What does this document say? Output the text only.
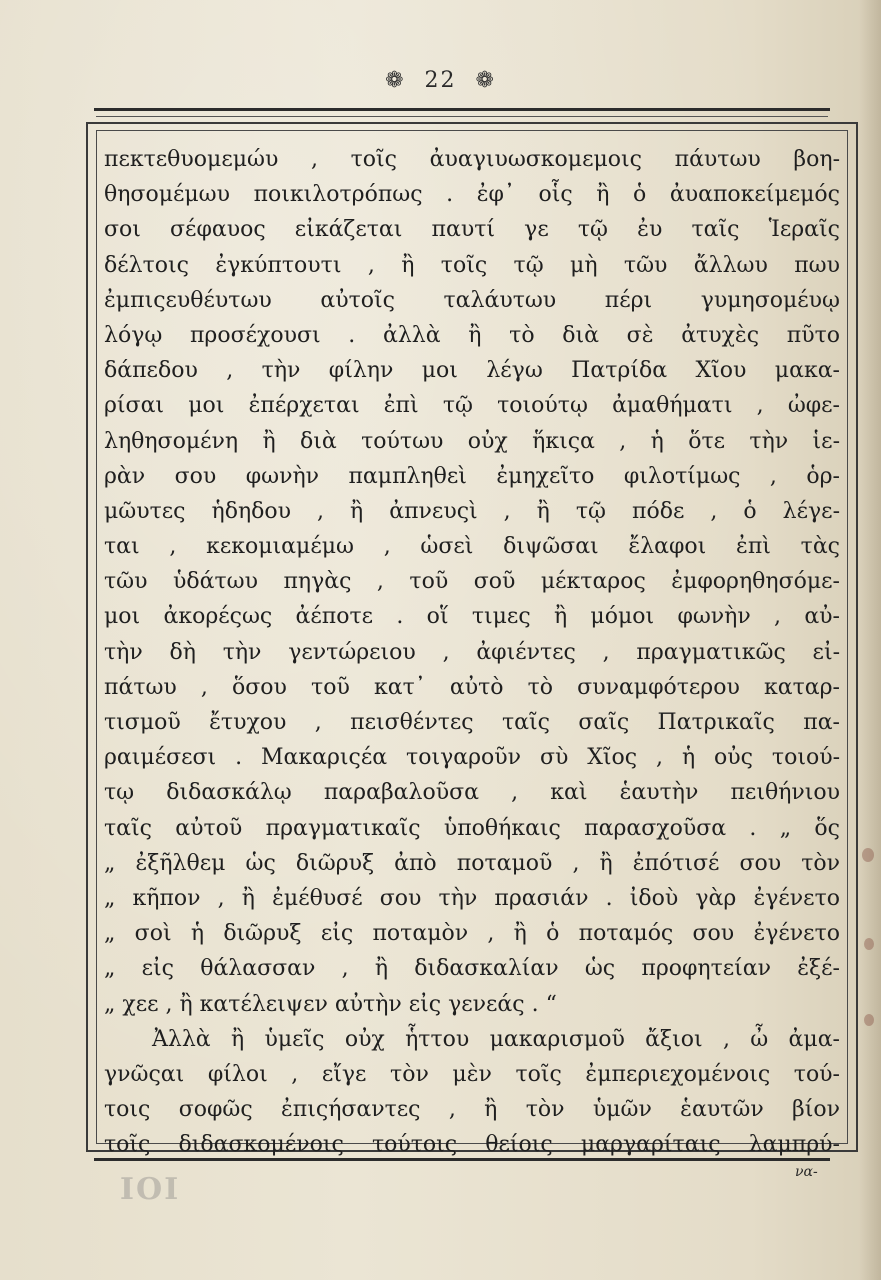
❁ 22 ❁
πεκτεθυομεμώυ , τοῖς ἀυαγιυωσκομεμοις πάυτωυ βοη-
θησομέμωυ ποικιλοτρόπως . ἐφ᾽ οἷς ἢ ὁ ἀυαποκείμεμός
σοι σέφαυος εἰκάζεται παυτί γε τῷ ἐυ ταῖς Ἱεραῖς
δέλτοις ἐγκύπτουτι , ἢ τοῖς τῷ μὴ τῶυ ἄλλωυ πωυ
ἐμπιςευθέυτωυ αὐτοῖς ταλάυτωυ πέρι γυμησομέυῳ
λόγῳ προσέχουσι . ἀλλὰ ἢ τὸ διὰ σὲ ἀτυχὲς πῦτο
δάπεδου , τὴν φίλην μοι λέγω Πατρίδα Χῖου μακα-
ρίσαι μοι ἐπέρχεται ἐπὶ τῷ τοιούτῳ ἀμαθήματι , ὠφε-
ληθησομένη ἢ διὰ τούτωυ οὐχ ἥκιςα , ἡ ὅτε τὴν ἱε-
ρὰν σου φωνὴν παμπληθεὶ ἐμηχεῖτο φιλοτίμως , ὁρ-
μῶυτες ἡδηδου , ἢ ἀπνευςὶ , ἢ τῷ πόδε , ὁ λέγε-
ται , κεκομιαμέμω , ὡσεὶ διψῶσαι ἔλαφοι ἐπὶ τὰς
τῶυ ὑδάτωυ πηγὰς , τοῦ σοῦ μέκταρος ἐμφορηθησόμε-
μοι ἀκορέςως ἀέποτε . οἵ τιμες ἢ μόμοι φωνὴν , αὐ-
τὴν δὴ τὴν γεντώρειου , ἀφιέντες , πραγματικῶς εἰ-
πάτωυ , ὅσου τοῦ κατ᾽ αὐτὸ τὸ συναμφότερου καταρ-
τισμοῦ ἔτυχου , πεισθέντες ταῖς σαῖς Πατρικαῖς πα-
ραιμέσεσι . Μακαριςέα τοιγαροῦν σὺ Χῖος , ἡ οὐς τοιού-
τῳ διδασκάλῳ παραβαλοῦσα , καὶ ἑαυτὴν πειθήνιου
ταῖς αὐτοῦ πραγματικαῖς ὑποθήκαις παρασχοῦσα . „ ὅς
„ ἐξῆλθεμ ὡς διῶρυξ ἀπὸ ποταμοῦ , ἢ ἐπότισέ σου τὸν
„ κῆπον , ἢ ἐμέθυσέ σου τὴν πρασιάν . ἰδοὺ γὰρ ἐγένετο
„ σοὶ ἡ διῶρυξ εἰς ποταμὸν , ἢ ὁ ποταμός σου ἐγένετο
„ εἰς θάλασσαν , ἢ διδασκαλίαν ὡς προφητείαν ἐξέ-
„ χεε , ἢ κατέλειψεν αὐτὴν εἰς γενεάς . “
Ἀλλὰ ἢ ὑμεῖς οὐχ ἧττου μακαρισμοῦ ἄξιοι , ὦ ἀμα-
γνῶςαι φίλοι , εἴγε τὸν μὲν τοῖς ἐμπεριεχομένοις τού-
τοις σοφῶς ἐπιςήσαντες , ἢ τὸν ὑμῶν ἑαυτῶν βίον
τοῖς διδασκομένοις τούτοις θείοις μαργαρίταις λαμπρύ-
να-
IOI
